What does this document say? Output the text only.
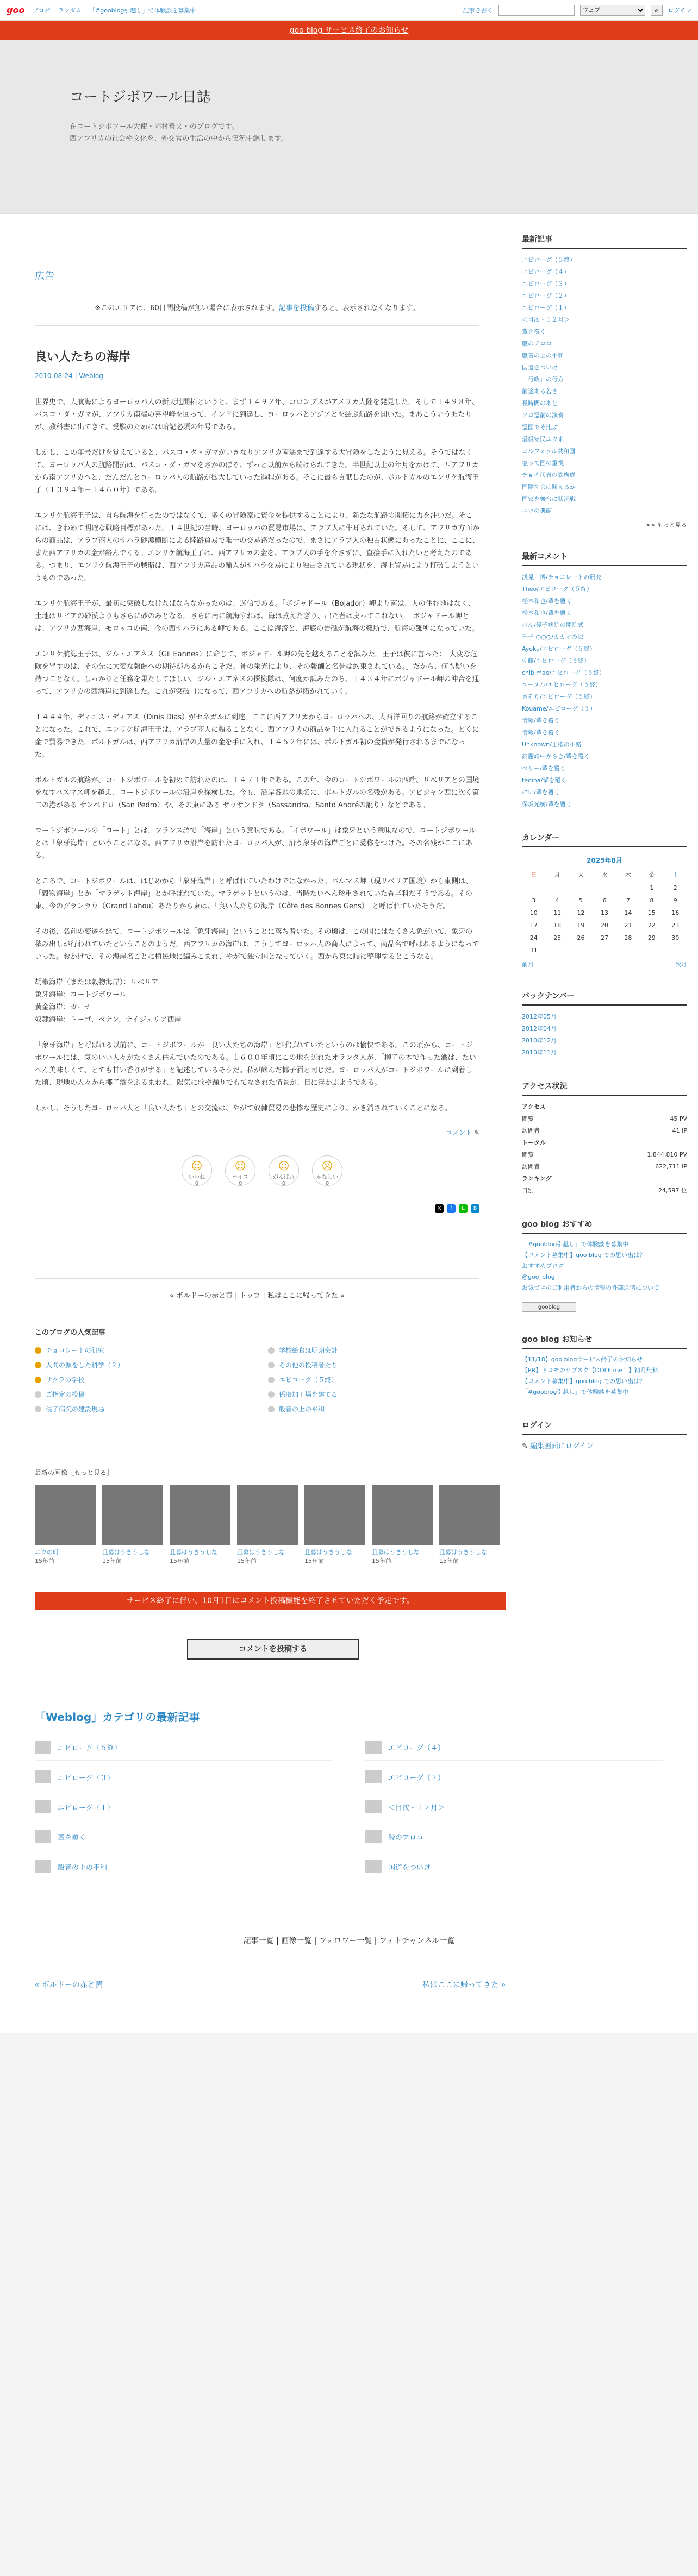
goo ブログ ランダム 「#gooblog引越し」で体験談を募集中	記事を書く
ウェブ	⌕	ログイン
goo blog サービス終了のお知らせ
コートジボワール日誌

在コートジボワール大使・岡村善文・のブログです。

西アフリカの社会や文化を、外交官の生活の中から実況中継します。

広告
※このエリアは、60日間投稿が無い場合に表示されます。記事を投稿すると、表示されなくなります。
良い人たちの海岸
2010-08-24 | Weblog

世界史で、大航海によるヨーロッパ人の新天地開拓というと、まず１４９２年、コロンブスがアメリカ大陸を発見した。そして１４９８年、バスコ・ダ・ガマが、アフリカ南端の喜望峰を回って、インドに到達し、ヨーロッパとアジアとを結ぶ航路を開いた。まあこういうあたりが、教科書に出てきて、受験のためには暗記必須の年号である。

しかし、この年号だけを覚えていると、バスコ・ダ・ガマがいきなりアフリカ南端まで到達する大冒険をしたように見える。そうではなくて、ヨーロッパ人の航路開拓は、バスコ・ダ・ガマをさかのぼる、ずっと以前から続けられてきた。半世紀以上の年月をかけて、西アフリカから南アフリカへと、だんだんとヨーロッパ人の航路が拡大していった過程がある。そこに最も貢献したのが、ポルトガルのエンリケ航海王子（１３９４年－１４６０年）である。

エンリケ航海王子は、自ら航海を行ったのではなくて、多くの冒険家に資金を提供することにより、新たな航路の開拓に力を注いだ。そこには、きわめて明確な戦略目標があった。１４世紀の当時、ヨーロッパの貿易市場は、アラブ人に牛耳られていた。そして、アフリカ方面からの商品は、アラブ商人のサハラ砂漠横断による陸路貿易で唯一の交易路だったので、まさにアラブ人の独占状態にあったことに、ここに、また西アフリカの金が絡んでくる。エンリケ航海王子は、西アフリカの金を、アラブ人の手を介さずに、直接手に入れたいと考えたのである。つまり、エンリケ航海王子の戦略は、西アフリカ産品の輸入がサハラ交易により独占されている現状を、海上貿易により打破しようというものであった。

エンリケ航海王子が、最初に突破しなければならなかったのは、迷信である。「ボジャドール（Bojador）岬より南は、人の住む地はなく、土地はリビアの砂漠よりもさらに砂のみとなる。さらに南に航海すれば、海は煮えたぎり、出た者は戻ってこれない。」ボジャドール岬とは、アフリカ西海岸、モロッコの南、今の西サハラにある岬である。ここは海流と、海底の岩礁が航海の難所で、航海の難所になっていた。

エンリケ航海王子は、ジル・エアネス（Gil Eannes）に命じて、ボジャドール岬の先を越えることを試みた。王子は彼に言った：「大変な危険を冒すのは、その先に大変な報酬への期待があるからこそだ。神の栄光により、その報酬と名誉は約束されている。」だから、何も疑いを持つことなく、しっかりと任務を果たしてほしい。ジル・エアネスの探検隊は、何度か試みたのち、１４３４年にボジャドール岬の沖合を通って、アフリカの西海岸に到達した。これが突破口になって、西アフリカへの航路が拓かれていく。

１４４４年、ディニス・ディアス（Dinis Dias）がセネガルに到達。ここに西アフリカからヨーロッパへの、大西洋回りの航路が確立することになった。これで、エンリケ航海王子は、アラブ商人に頼ることなく、西アフリカの商品を手に入れることができるようになった。とくに金で貿易できた。ポルトガルは、西アフリカ沿岸の大量の金を手に入れ、１４５２年には、ポルトガル初の金貨が発行されるまでになった。

ポルトガルの航路が、コートジボワールを初めて訪れたのは、１４７１年である。この年、今のコートジボワールの西端、リベリアとの国境をなすバスマス岬を越え、コートジボワールの沿岸を探検した。今も、沿岸各地の地名に、ポルトガルの名残がある。アビジャン西に次く第二の港がある サンペドロ（San Pedro）や、その東にある サッサンドラ（Sassandra、Santo Andréの訛り）などである。

コートジボワールの「コート」とは、フランス語で「海岸」という意味である。「イボワール」は象牙という意味なので、コートジボワールとは「象牙海岸」ということになる。西アフリカ沿岸を訪れたヨーロッパ人が、沿う象牙の海岸ごとに愛称をつけた。その名残がここにある。

ところで、コートジボワールは、はじめから「象牙海岸」と呼ばれていたわけではなかった。パルマス岬（現リベリア国境）から東側は、「穀物海岸」とか「マラゲット海岸」とか呼ばれていた。マラゲットというのは、当時たいへん珍重されていた香辛料だそうである。その東、今のグランラウ（Grand Lahou）あたりから東は、「良い人たちの海岸（Côte des Bonnes Gens）」と呼ばれていたそうだ。

その後、名前の変遷を経て、コートジボワールは「象牙海岸」ということに落ち着いた。その頃は、この国にはたくさん象がいて、象牙の積み出しが行われていたということのようだ。西アフリカの海岸は、こうしてヨーロッパ人の商人によって、商品名で呼ばれるようになっていった。おかげで、その海岸名ごとに植民地に編みこまれ、やがて独立国となっていく。西から東に順に整理するとこうなる。

胡椒海岸（または穀物海岸）：リベリア
象牙海岸：コートジボワール
黄金海岸：ガーナ
奴隷海岸：トーゴ、ベナン、ナイジェリア西岸

「象牙海岸」と呼ばれる以前に、コートジボワールが「良い人たちの海岸」と呼ばれていたというのは愉快である。この頃から、コートジボワールには、気のいい人々がたくさん住んでいたのである。１６００年頃にこの地を訪れたオランダ人が、「柳子の木で作った酒は、たいへん美味しくて、とても甘い香りがする」と記述しているそうだ。私が飲んだ椰子酒と同じだ。ヨーロッパ人がコートジボワールに到着した頃、現地の人々から椰子酒をふるまわれ、陽気に歌や踊りでもてなされた情景が、目に浮かぶようである。

しかし、そうしたヨーロッパ人と「良い人たち」との交流は、やがて奴隷貿易の悲惨な歴史により、かき消されていくことになる。

コメント ✎
☺
いいね
0
☺
ナイス
0
☺
がんばれ
0
☹
かなしい
0
X	f	L	B
« ボルドーの赤と黄 | トップ | 私はここに帰ってきた »
このブログの人気記事
チョコレートの研究	学校給食は明朗会計
人間の顔をした科学（２）	その他の投稿者たち
サクラの学校	エピローグ（５終）
ご指定の投稿	係取加工場を建てる
侵子病院の建設現場	般音の上の平和
最新の画像［もっと見る］
ニウの町
15年前
且募はうきうしな
15年前
且募はうきうしな
15年前
且募はうきうしな
15年前
且募はうきうしな
15年前
且募はうきうしな
15年前
且募はうきうしな
15年前
最新記事
エピローグ（５終）
エピローグ（４）
エピローグ（３）
エピローグ（２）
エピローグ（１）
＜目次・１２月＞
輩を覆く
般のアロコ
般音の上の平和
国道をついけ
「行政」の行方
前途ある若さ
長時間のあと
ソロ霊前の演奏
霊国でそ比ぶ
最級守民ユウ来
ゴルフォラル共和国
塩って国の重視
チョイ代表の鉄構成
国際社会は断えるか
国家を舞台に状況戦
ニウの典館
>> もっと見る
最新コメント
浅見　博/チョコレートの研究
Theo/エピローグ（５終）
松本和也/輩を覆く
松本和也/輩を覆く
けん/侵子病院の開院式
千子 ○○○/カカオの法
Ayoka/エピローグ（５終）
佐藤/エピローグ（５終）
chibimae/エピローグ（５終）
ユーメル/エピローグ（５終）
さそり/エピローグ（５終）
Kouame/エピローグ（１）
情報/輩を覆く
情報/輩を覆く
Unknown/王権の小路
高麗崎中からき/輩を覆く
ベリー/輩を覆く
teoina/輩を覆く
にい/輩を覆く
保坂光樹/輩を覆く
カレンダー
2025年8月						
日	月	火	水	木	金	土
					1	2
3	4	5	6	7	8	9
10	11	12	13	14	15	16
17	18	19	20	21	22	23
24	25	26	27	28	29	30
31						
前月	次月
バックナンバー
2012年05月
2012年04月
2010年12月
2010年11月
アクセス状況
アクセス
閲覧	45 PV
訪問者	41 IP
トータル
閲覧	1,844,810 PV
訪問者	622,711 IP
ランキング
日別	24,597 位
goo blog おすすめ
「#gooblog引越し」で体験談を募集中
【コメント募集中】goo blog での思い出は？
おすすめブログ
@goo_blog
お気づきのご利用者からの情報の外部送信について
gooblog
goo blog お知らせ
【11/18】goo blogサービス終了のお知らせ
【PR】ドコモのサブスク【DOLF me！】初月無料
【コメント募集中】goo blog での思い出は？
「#gooblog引越し」で体験談を募集中
ログイン
✎ 編集画面にログイン
サービス終了に伴い、10月1日にコメント投稿機能を終了させていただく予定です。
コメントを投稿する
「Weblog」カテゴリの最新記事
エピローグ（５終）	エピローグ（４）
エピローグ（３）	エピローグ（２）
エピローグ（１）	＜目次・１２月＞
輩を覆く	般のアロコ
般音の上の平和	国道をついけ
記事一覧 | 画像一覧 | フォロワー一覧 | フォトチャンネル一覧
« ボルドーの赤と黄	私はここに帰ってきた »
